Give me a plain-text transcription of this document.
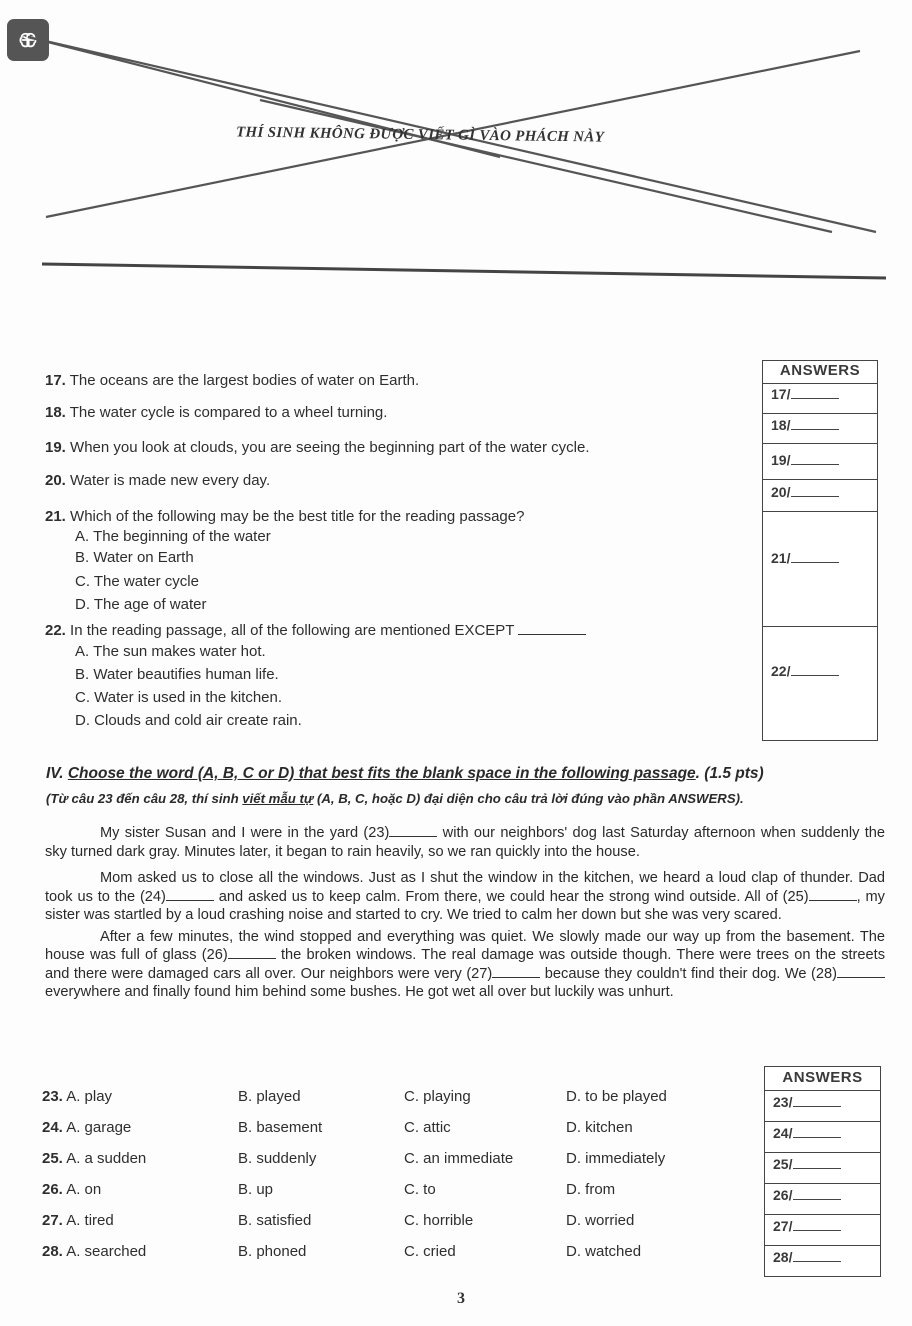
THÍ SINH KHÔNG ĐƯỢC VIẾT GÌ VÀO PHÁCH NÀY
17. The oceans are the largest bodies of water on Earth.
18. The water cycle is compared to a wheel turning.
19. When you look at clouds, you are seeing the beginning part of the water cycle.
20. Water is made new every day.
21. Which of the following may be the best title for the reading passage?
A. The beginning of the water
B. Water on Earth
C. The water cycle
D. The age of water
22. In the reading passage, all of the following are mentioned EXCEPT
A. The sun makes water hot.
B. Water beautifies human life.
C. Water is used in the kitchen.
D. Clouds and cold air create rain.
ANSWERS
17/
18/
19/
20/
21/
22/
IV. Choose the word (A, B, C or D) that best fits the blank space in the following passage. (1.5 pts)
(Từ câu 23 đến câu 28, thí sinh viết mẫu tự (A, B, C, hoặc D) đại diện cho câu trả lời đúng vào phần ANSWERS).

My sister Susan and I were in the yard (23)	with our neighbors' dog last Saturday afternoon when suddenly the sky turned dark gray. Minutes later, it began to rain heavily, so we ran quickly into the house.

Mom asked us to close all the windows. Just as I shut the window in the kitchen, we heard a loud clap of thunder. Dad took us to the (24)	and asked us to keep calm. From there, we could hear the strong wind outside. All of (25)	, my sister was startled by a loud crashing noise and started to cry. We tried to calm her down but she was very scared.

After a few minutes, the wind stopped and everything was quiet. We slowly made our way up from the basement. The house was full of glass (26)	the broken windows. The real damage was outside though. There were trees on the streets and there were damaged cars all over. Our neighbors were very (27)	because they couldn't find their dog. We (28) everywhere and finally found him behind some bushes. He got wet all over but luckily was unhurt.

23. A. play	B. played	C. playing	D. to be played
24. A. garage	B. basement	C. attic	D. kitchen
25. A. a sudden	B. suddenly	C. an immediate	D. immediately
26. A. on	B. up	C. to	D. from
27. A. tired	B. satisfied	C. horrible	D. worried
28. A. searched	B. phoned	C. cried	D. watched
ANSWERS
23/
24/
25/
26/
27/
28/
3
